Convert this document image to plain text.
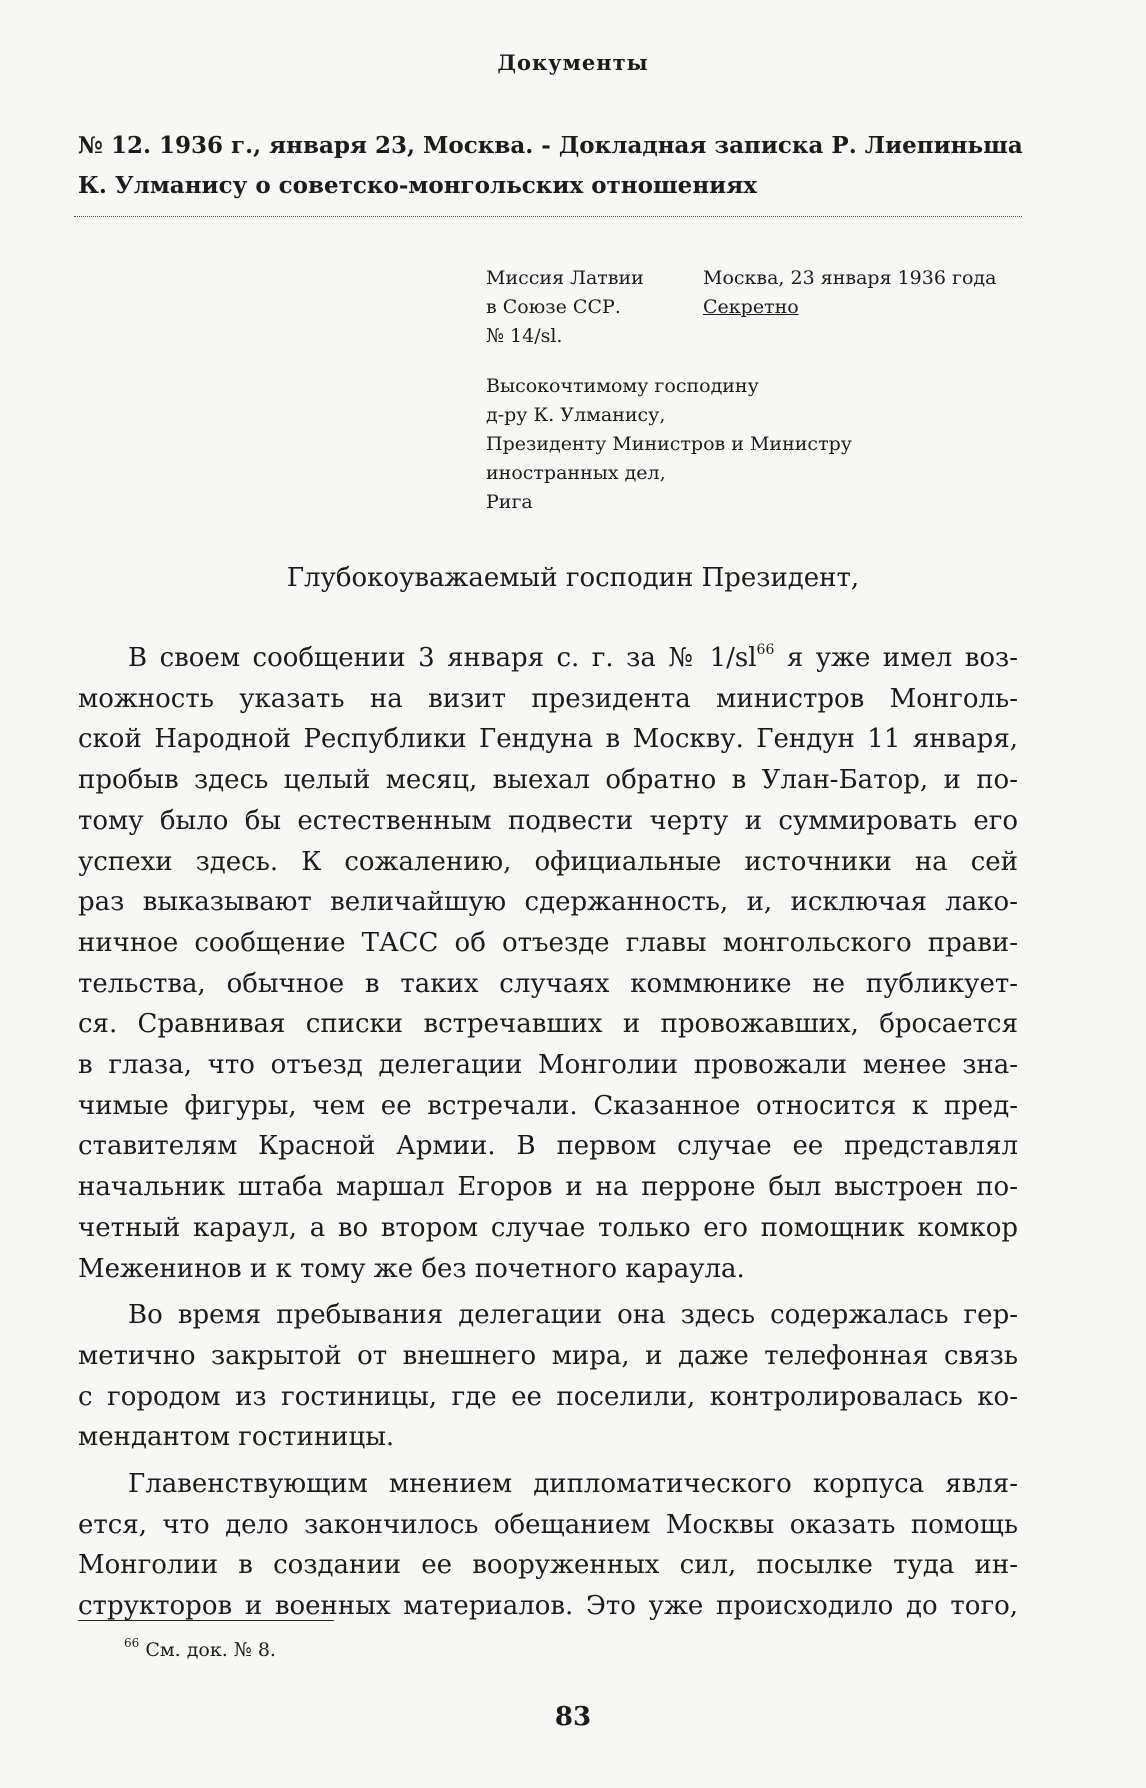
Документы
№ 12. 1936 г., января 23, Москва. - Докладная записка Р. Лиепиньша
К. Улманису о советско-монгольских отношениях
Миссия Латвии
в Союзе ССР.
№ 14/sl.
Москва, 23 января 1936 года
Секретно
Высокочтимому господину
д-ру К. Улманису,
Президенту Министров и Министру
иностранных дел,
Рига
Глубокоуважаемый господин Президент,
В своем сообщении 3 января с. г. за № $1/sl^{66}$ я уже имел воз-
можность указать на визит президента министров Монголь-
ской Народной Республики Гендуна в Москву. Гендун 11 января,
пробыв здесь целый месяц, выехал обратно в Улан-Батор, и по-
тому было бы естественным подвести черту и суммировать его
успехи здесь. К сожалению, официальные источники на сей
раз выказывают величайшую сдержанность, и, исключая лако-
ничное сообщение ТАСС об отъезде главы монгольского прави-
тельства, обычное в таких случаях коммюнике не публикует-
ся. Сравнивая списки встречавших и провожавших, бросается
в глаза, что отъезд делегации Монголии провожали менее зна-
чимые фигуры, чем ее встречали. Сказанное относится к пред-
ставителям Красной Армии. В первом случае ее представлял
начальник штаба маршал Егоров и на перроне был выстроен по-
четный караул, а во втором случае только его помощник комкор
Меженинов и к тому же без почетного караула.
Во время пребывания делегации она здесь содержалась гер-
метично закрытой от внешнего мира, и даже телефонная связь
с городом из гостиницы, где ее поселили, контролировалась ко-
мендантом гостиницы.
Главенствующим мнением дипломатического корпуса явля-
ется, что дело закончилось обещанием Москвы оказать помощь
Монголии в создании ее вооруженных сил, посылке туда ин-
структоров и военных материалов. Это уже происходило до того,
$^{66}$ См. док. № 8.
83
